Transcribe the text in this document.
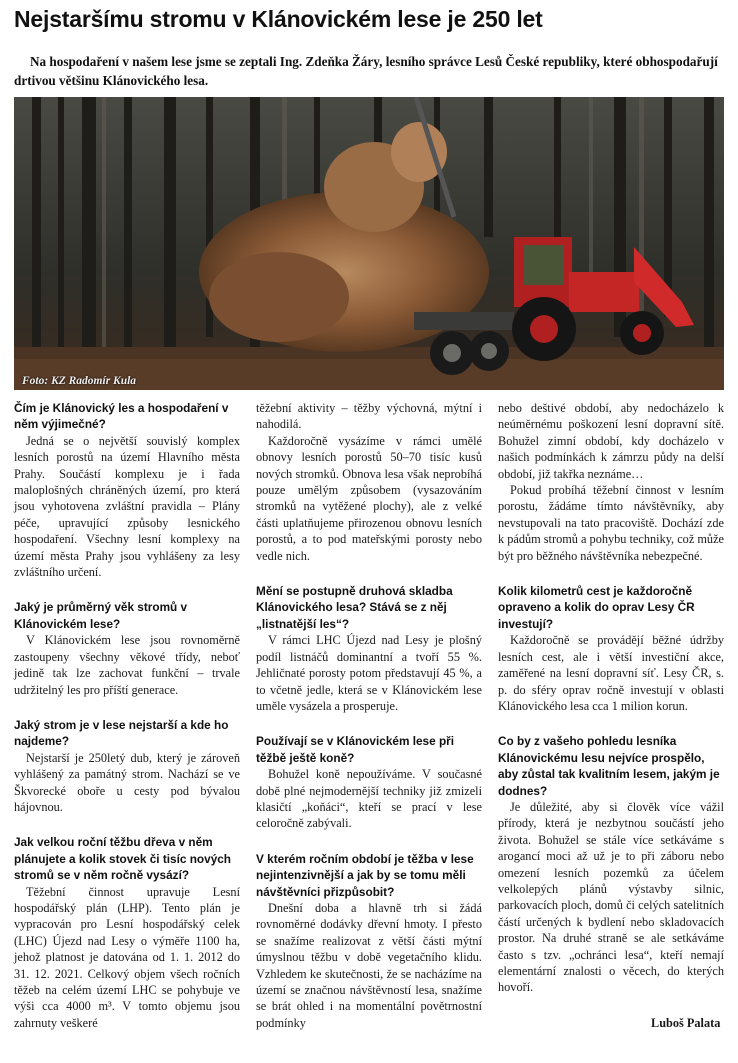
Nejstaršímu stromu v Klánovickém lese je 250 let

Na hospodaření v našem lese jsme se zeptali Ing. Zdeňka Žáry, lesního správce Lesů České republiky, které obhospodařují drtivou většinu Klánovického lesa.

Foto: KZ Radomír Kula

Čím je Klánovický les a hospodaření v něm výjimečné?

Jedná se o největší souvislý komplex lesních porostů na území Hlavního města Prahy. Součástí komplexu je i řada maloplošných chráněných území, pro která jsou vyhotovena zvláštní pravidla – Plány péče, upravující způsoby lesnického hospodaření. Všechny lesní komplexy na území města Prahy jsou vyhlášeny za lesy zvláštního určení.

Jaký je průměrný věk stromů v Klánovickém lese?

V Klánovickém lese jsou rovnoměrně zastoupeny všechny věkové třídy, neboť jedině tak lze zachovat funkční – trvale udržitelný les pro příští generace.

Jaký strom je v lese nejstarší a kde ho najdeme?

Nejstarší je 250letý dub, který je zároveň vyhlášený za památný strom. Nachází se ve Škvorecké oboře u cesty pod bývalou hájovnou.

Jak velkou roční těžbu dřeva v něm plánujete a kolik stovek či tisíc nových stromů se v něm ročně vysází?

Těžební činnost upravuje Lesní hospodářský plán (LHP). Tento plán je vypracován pro Lesní hospodářský celek (LHC) Újezd nad Lesy o výměře 1100 ha, jehož platnost je datována od 1. 1. 2012 do 31. 12. 2021. Celkový objem všech ročních těžeb na celém území LHC se pohybuje ve výši cca 4000 m³. V tomto objemu jsou zahrnuty veškeré

těžební aktivity – těžby výchovná, mýtní i nahodilá.

Každoročně vysázíme v rámci umělé obnovy lesních porostů 50–70 tisíc kusů nových stromků. Obnova lesa však neprobíhá pouze umělým způsobem (vysazováním stromků na vytěžené plochy), ale z velké části uplatňujeme přirozenou obnovu lesních porostů, a to pod mateřskými porosty nebo vedle nich.

Mění se postupně druhová skladba Klánovického lesa? Stává se z něj „listnatější les“?

V rámci LHC Újezd nad Lesy je plošný podíl listnáčů dominantní a tvoří 55 %. Jehličnaté porosty potom představují 45 %, a to včetně jedle, která se v Klánovickém lese uměle vysázela a prosperuje.

Používají se v Klánovickém lese při těžbě ještě koně?

Bohužel koně nepoužíváme. V současné době plné nejmodernější techniky již zmizeli klasičtí „koňáci“, kteří se prací v lese celoročně zabývali.

V kterém ročním období je těžba v lese nejintenzivnější a jak by se tomu měli návštěvníci přizpůsobit?

Dnešní doba a hlavně trh si žádá rovnoměrné dodávky dřevní hmoty. I přesto se snažíme realizovat z větší části mýtní úmyslnou těžbu v době vegetačního klidu. Vzhledem ke skutečnosti, že se nacházíme na území se značnou návštěvností lesa, snažíme se brát ohled i na momentální povětrnostní podmínky

nebo deštivé období, aby nedocházelo k neúměrnému poškození lesní dopravní sítě. Bohužel zimní období, kdy docházelo v našich podmínkách k zámrzu půdy na delší období, již takřka neznáme…

Pokud probíhá těžební činnost v lesním porostu, žádáme tímto návštěvníky, aby nevstupovali na tato pracoviště. Dochází zde k pádům stromů a pohybu techniky, což může být pro běžného návštěvníka nebezpečné.

Kolik kilometrů cest je každoročně opraveno a kolik do oprav Lesy ČR investují?

Každoročně se provádějí běžné údržby lesních cest, ale i větší investiční akce, zaměřené na lesní dopravní síť. Lesy ČR, s. p. do sféry oprav ročně investují v oblasti Klánovického lesa cca 1 milion korun.

Co by z vašeho pohledu lesníka Klánovickému lesu nejvíce prospělo, aby zůstal tak kvalitním lesem, jakým je dodnes?

Je důležité, aby si člověk více vážil přírody, která je nezbytnou součástí jeho života. Bohužel se stále více setkáváme s arogancí moci až už je to při záboru nebo omezení lesních pozemků za účelem velkolepých plánů výstavby silnic, parkovacích ploch, domů či celých satelitních částí určených k bydlení nebo skladovacích prostor. Na druhé straně se ale setkáváme často s tzv. „ochránci lesa“, kteří nemají elementární znalosti o věcech, do kterých hovoří.

Luboš Palata
